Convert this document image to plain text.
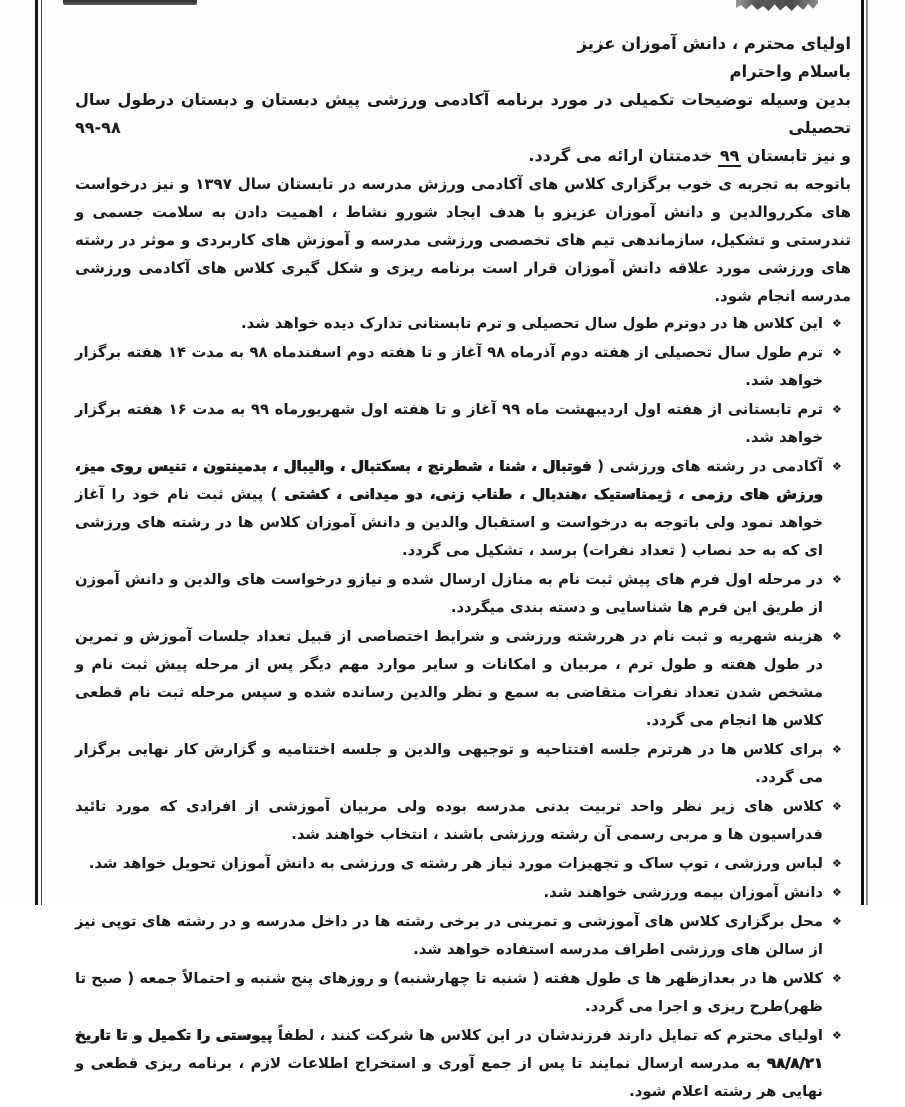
اولیای محترم ، دانش آموزان عزیز

باسلام واحترام

بدین وسیله توضیحات تکمیلی در مورد برنامه آکادمی ورزشی پیش دبستان و دبستان درطول سال تحصیلی ۹۸-۹۹

و نیز تابستان ۹۹ خدمتتان ارائه می گردد.

باتوجه به تجربه ی خوب برگزاری کلاس های آکادمی ورزش مدرسه در تابستان سال ۱۳۹۷ و نیز درخواست های مکرروالدین و دانش آموزان عزیزو با هدف ایجاد شورو نشاط ، اهمیت دادن به سلامت جسمی و تندرستی و تشکیل، سازماندهی تیم های تخصصی ورزشی مدرسه و آموزش های کاربردی و موثر در رشته های ورزشی مورد علاقه دانش آموزان قرار است برنامه ریزی و شکل گیری کلاس های آکادمی ورزشی مدرسه انجام شود.

❖
این کلاس ها در دوترم طول سال تحصیلی و ترم تابستانی تدارک دیده خواهد شد.
❖
ترم طول سال تحصیلی از هفته دوم آذرماه ۹۸ آغاز و تا هفته دوم اسفندماه ۹۸ به مدت ۱۴ هفته برگزار خواهد شد.
❖
ترم تابستانی از هفته اول اردیبهشت ماه ۹۹ آغاز و تا هفته اول شهریورماه ۹۹ به مدت ۱۶ هفته برگزار خواهد شد.
❖
آکادمی در رشته های ورزشی ( فوتبال ، شنا ، شطرنج ، بسکتبال ، والیبال ، بدمینتون ، تنیس روی میز، ورزش های رزمی ، ژیمناستیک ،هندبال ، طناب زنی، دو میدانی ، کشتی ) پیش ثبت نام خود را آغاز خواهد نمود ولی باتوجه به درخواست و استقبال والدین و دانش آموزان کلاس ها در رشته های ورزشی ای که به حد نصاب ( تعداد نفرات) برسد ، تشکیل می گردد.
❖
در مرحله اول فرم های پیش ثبت نام به منازل ارسال شده و نیازو درخواست های والدین و دانش آموزن از طریق این فرم ها شناسایی و دسته بندی میگردد.
❖
هزینه شهریه و ثبت نام در هررشته ورزشی و شرایط اختصاصی از قبیل تعداد جلسات آموزش و تمرین در طول هفته و طول ترم ، مربیان و امکانات و سایر موارد مهم دیگر پس از مرحله پیش ثبت نام و مشخص شدن تعداد نفرات متقاضی به سمع و نظر والدین رسانده شده و سپس مرحله ثبت نام قطعی کلاس ها انجام می گردد.
❖
برای کلاس ها در هرترم جلسه افتتاحیه و توجیهی والدین و جلسه اختتامیه و گزارش کار نهایی برگزار می گردد.
❖
کلاس های زیر نظر واحد تربیت بدنی مدرسه بوده ولی مربیان آموزشی از افرادی که مورد تائید فدراسیون ها و مربی رسمی آن رشته ورزشی باشند ، انتخاب خواهند شد.
❖
لباس ورزشی ، توپ ساک و تجهیزات مورد نیاز هر رشته ی ورزشی به دانش آموزان تحویل خواهد شد.
❖
دانش آموزان بیمه ورزشی خواهند شد.
❖
محل برگزاری کلاس های آموزشی و تمرینی در برخی رشته ها در داخل مدرسه و در رشته های توپی نیز از سالن های ورزشی اطراف مدرسه استفاده خواهد شد.
❖
کلاس ها در بعدازظهر ها ی طول هفته ( شنبه تا چهارشنبه) و روزهای پنج شنبه و احتمالاً جمعه ( صبح تا ظهر)طرح ریزی و اجرا می گردد.
❖
اولیای محترم که تمایل دارند فرزندشان در این کلاس ها شرکت کنند ، لطفاً پیوستی را تکمیل و تا تاریخ ۹۸/۸/۲۱ به مدرسه ارسال نمایند تا پس از جمع آوری و استخراج اطلاعات لازم ، برنامه ریزی قطعی و نهایی هر رشته اعلام شود.
